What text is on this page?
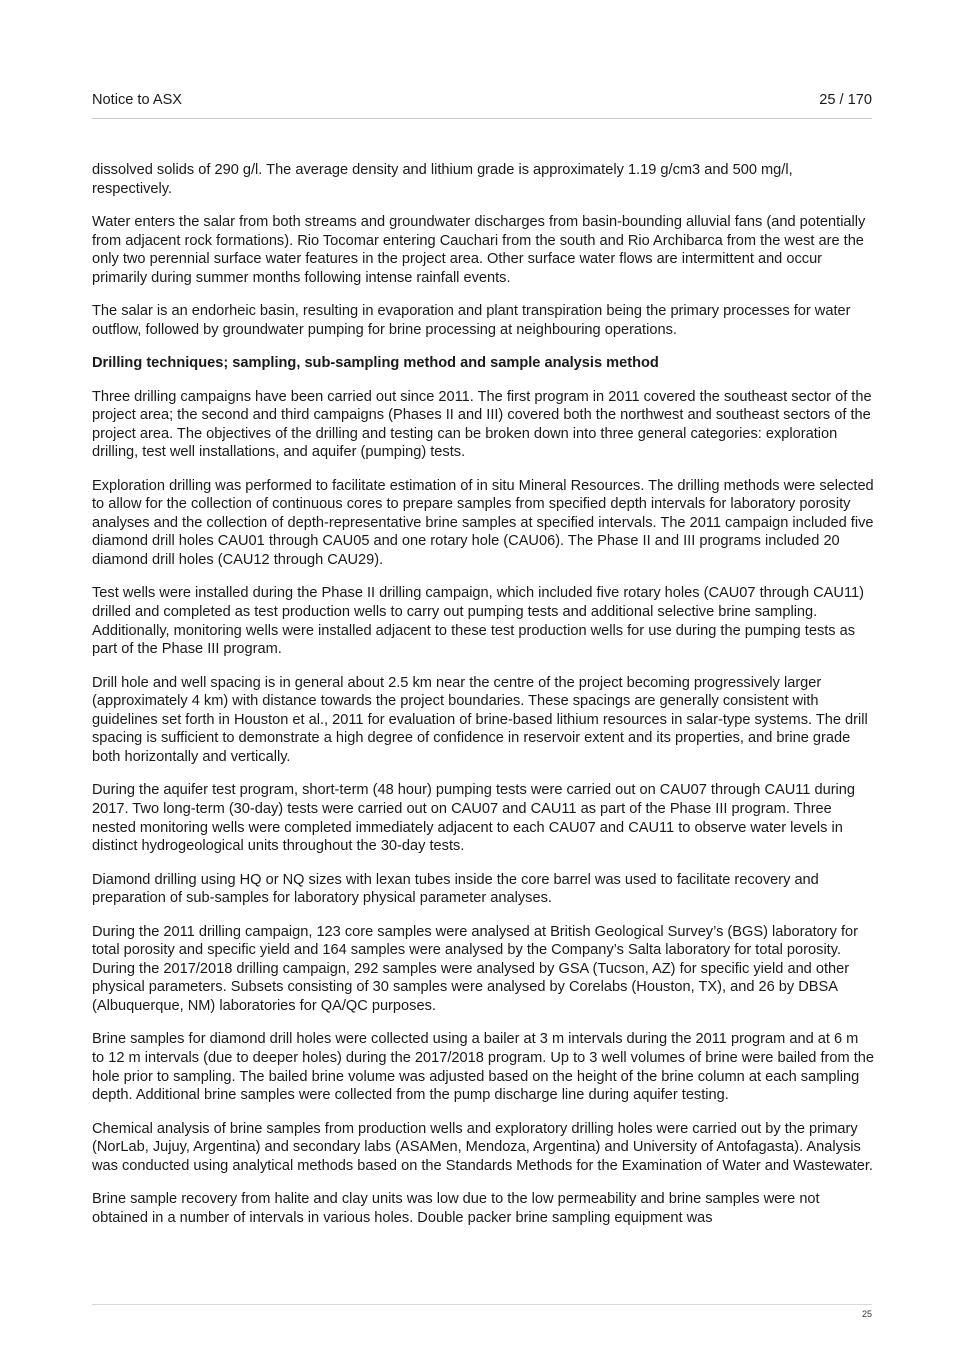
Notice to ASX	25 / 170

dissolved solids of 290 g/l. The average density and lithium grade is approximately 1.19 g/cm3 and 500 mg/l, respectively.

Water enters the salar from both streams and groundwater discharges from basin-bounding alluvial fans (and potentially from adjacent rock formations). Rio Tocomar entering Cauchari from the south and Rio Archibarca from the west are the only two perennial surface water features in the project area. Other surface water flows are intermittent and occur primarily during summer months following intense rainfall events.

The salar is an endorheic basin, resulting in evaporation and plant transpiration being the primary processes for water outflow, followed by groundwater pumping for brine processing at neighbouring operations.

Drilling techniques; sampling, sub-sampling method and sample analysis method

Three drilling campaigns have been carried out since 2011. The first program in 2011 covered the southeast sector of the project area; the second and third campaigns (Phases II and III) covered both the northwest and southeast sectors of the project area. The objectives of the drilling and testing can be broken down into three general categories: exploration drilling, test well installations, and aquifer (pumping) tests.

Exploration drilling was performed to facilitate estimation of in situ Mineral Resources. The drilling methods were selected to allow for the collection of continuous cores to prepare samples from specified depth intervals for laboratory porosity analyses and the collection of depth-representative brine samples at specified intervals. The 2011 campaign included five diamond drill holes CAU01 through CAU05 and one rotary hole (CAU06). The Phase II and III programs included 20 diamond drill holes (CAU12 through CAU29).

Test wells were installed during the Phase II drilling campaign, which included five rotary holes (CAU07 through CAU11) drilled and completed as test production wells to carry out pumping tests and additional selective brine sampling. Additionally, monitoring wells were installed adjacent to these test production wells for use during the pumping tests as part of the Phase III program.

Drill hole and well spacing is in general about 2.5 km near the centre of the project becoming progressively larger (approximately 4 km) with distance towards the project boundaries. These spacings are generally consistent with guidelines set forth in Houston et al., 2011 for evaluation of brine-based lithium resources in salar-type systems. The drill spacing is sufficient to demonstrate a high degree of confidence in reservoir extent and its properties, and brine grade both horizontally and vertically.

During the aquifer test program, short-term (48 hour) pumping tests were carried out on CAU07 through CAU11 during 2017. Two long-term (30-day) tests were carried out on CAU07 and CAU11 as part of the Phase III program. Three nested monitoring wells were completed immediately adjacent to each CAU07 and CAU11 to observe water levels in distinct hydrogeological units throughout the 30-day tests.

Diamond drilling using HQ or NQ sizes with lexan tubes inside the core barrel was used to facilitate recovery and preparation of sub-samples for laboratory physical parameter analyses.

During the 2011 drilling campaign, 123 core samples were analysed at British Geological Survey’s (BGS) laboratory for total porosity and specific yield and 164 samples were analysed by the Company’s Salta laboratory for total porosity. During the 2017/2018 drilling campaign, 292 samples were analysed by GSA (Tucson, AZ) for specific yield and other physical parameters. Subsets consisting of 30 samples were analysed by Corelabs (Houston, TX), and 26 by DBSA (Albuquerque, NM) laboratories for QA/QC purposes.

Brine samples for diamond drill holes were collected using a bailer at 3 m intervals during the 2011 program and at 6 m to 12 m intervals (due to deeper holes) during the 2017/2018 program. Up to 3 well volumes of brine were bailed from the hole prior to sampling. The bailed brine volume was adjusted based on the height of the brine column at each sampling depth. Additional brine samples were collected from the pump discharge line during aquifer testing.

Chemical analysis of brine samples from production wells and exploratory drilling holes were carried out by the primary (NorLab, Jujuy, Argentina) and secondary labs (ASAMen, Mendoza, Argentina) and University of Antofagasta). Analysis was conducted using analytical methods based on the Standards Methods for the Examination of Water and Wastewater.

Brine sample recovery from halite and clay units was low due to the low permeability and brine samples were not obtained in a number of intervals in various holes. Double packer brine sampling equipment was

25
